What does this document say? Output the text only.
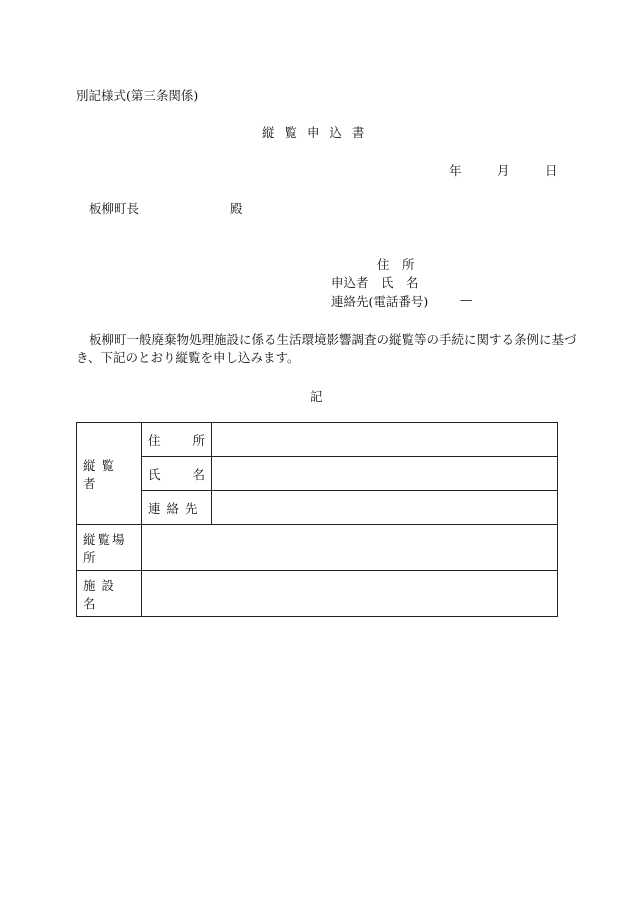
別記様式(第三条関係)
縦 覧 申 込 書
年	月	日
板柳町長	殿
住　所
申込者　氏　名
連絡先(電話番号)	—
板柳町一般廃棄物処理施設に係る生活環境影響調査の縦覧等の手続に関する条例に基づ
き、下記のとおり縦覧を申し込みます。
記
縦覧者	住 所	

	氏 名	

	連絡先	
縦覧場所		
施設名		
